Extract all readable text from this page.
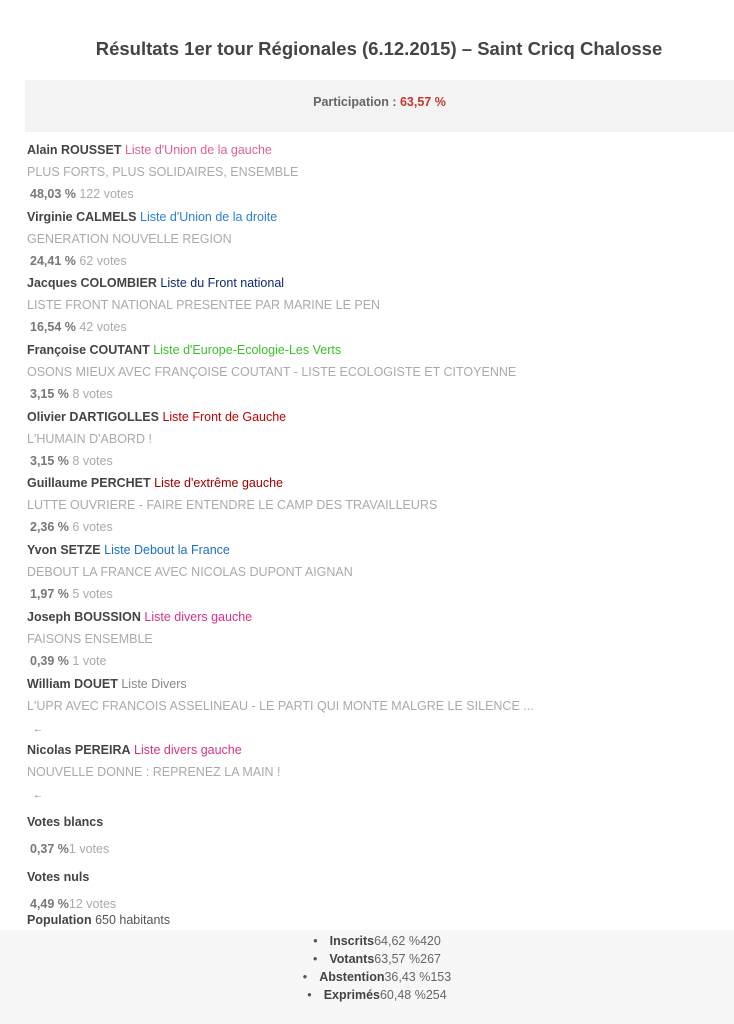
Résultats 1er tour Régionales (6.12.2015) – Saint Cricq Chalosse
Participation : 63,57 %
Alain ROUSSET Liste d'Union de la gauche
PLUS FORTS, PLUS SOLIDAIRES, ENSEMBLE
48,03 % 122 votes
Virginie CALMELS Liste d'Union de la droite
GENERATION NOUVELLE REGION
24,41 % 62 votes
Jacques COLOMBIER Liste du Front national
LISTE FRONT NATIONAL PRESENTEE PAR MARINE LE PEN
16,54 % 42 votes
Françoise COUTANT Liste d'Europe-Ecologie-Les Verts
OSONS MIEUX AVEC FRANÇOISE COUTANT - LISTE ECOLOGISTE ET CITOYENNE
3,15 % 8 votes
Olivier DARTIGOLLES Liste Front de Gauche
L'HUMAIN D'ABORD !
3,15 % 8 votes
Guillaume PERCHET Liste d'extrême gauche
LUTTE OUVRIERE - FAIRE ENTENDRE LE CAMP DES TRAVAILLEURS
2,36 % 6 votes
Yvon SETZE Liste Debout la France
DEBOUT LA FRANCE AVEC NICOLAS DUPONT AIGNAN
1,97 % 5 votes
Joseph BOUSSION Liste divers gauche
FAISONS ENSEMBLE
0,39 % 1 vote
William DOUET Liste Divers
L'UPR AVEC FRANCOIS ASSELINEAU - LE PARTI QUI MONTE MALGRE LE SILENCE ...
←
Nicolas PEREIRA Liste divers gauche
NOUVELLE DONNE : REPRENEZ LA MAIN !
←
Votes blancs
0,37 %1 votes
Votes nuls
4,49 %12 votes
Population 650 habitants
• Inscrits64,62 %420
• Votants63,57 %267
• Abstention36,43 %153
• Exprimés60,48 %254
